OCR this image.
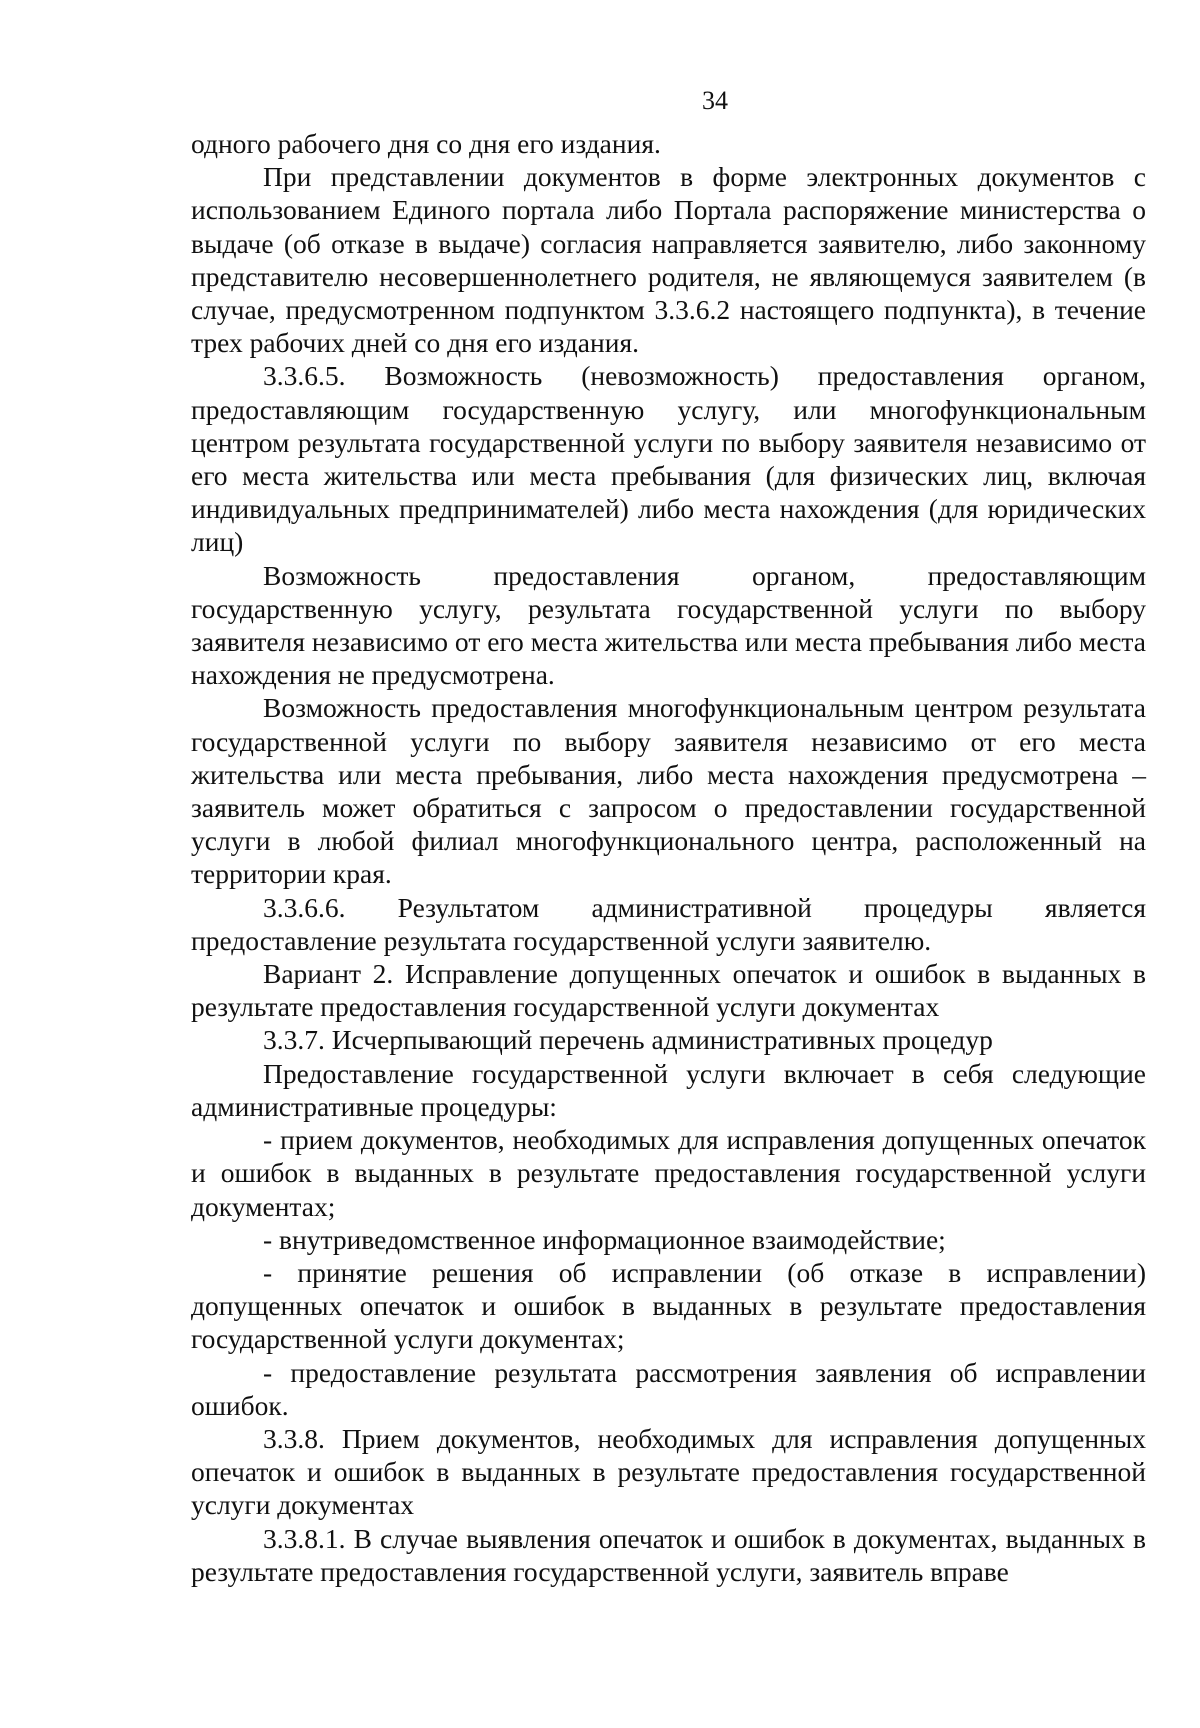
34

одного рабочего дня со дня его издания.

При представлении документов в форме электронных документов с использованием Единого портала либо Портала распоряжение министерства о выдаче (об отказе в выдаче) согласия направляется заявителю, либо законному представителю несовершеннолетнего родителя, не являющемуся заявителем (в случае, предусмотренном подпунктом 3.3.6.2 настоящего подпункта), в течение трех рабочих дней со дня его издания.

3.3.6.5. Возможность (невозможность) предоставления органом, предоставляющим государственную услугу, или многофункциональным центром результата государственной услуги по выбору заявителя независимо от его места жительства или места пребывания (для физических лиц, включая индивидуальных предпринимателей) либо места нахождения (для юридических лиц)

Возможность предоставления органом, предоставляющим государственную услугу, результата государственной услуги по выбору заявителя независимо от его места жительства или места пребывания либо места нахождения не предусмотрена.

Возможность предоставления многофункциональным центром результата государственной услуги по выбору заявителя независимо от его места жительства или места пребывания, либо места нахождения предусмотрена – заявитель может обратиться с запросом о предоставлении государственной услуги в любой филиал многофункционального центра, расположенный на территории края.

3.3.6.6. Результатом административной процедуры является предоставление результата государственной услуги заявителю.

Вариант 2. Исправление допущенных опечаток и ошибок в выданных в результате предоставления государственной услуги документах

3.3.7. Исчерпывающий перечень административных процедур

Предоставление государственной услуги включает в себя следующие административные процедуры:

- прием документов, необходимых для исправления допущенных опечаток и ошибок в выданных в результате предоставления государственной услуги документах;

- внутриведомственное информационное взаимодействие;

- принятие решения об исправлении (об отказе в исправлении) допущенных опечаток и ошибок в выданных в результате предоставления государственной услуги документах;

- предоставление результата рассмотрения заявления об исправлении ошибок.

3.3.8. Прием документов, необходимых для исправления допущенных опечаток и ошибок в выданных в результате предоставления государственной услуги документах

3.3.8.1. В случае выявления опечаток и ошибок в документах, выданных в результате предоставления государственной услуги, заявитель вправе
